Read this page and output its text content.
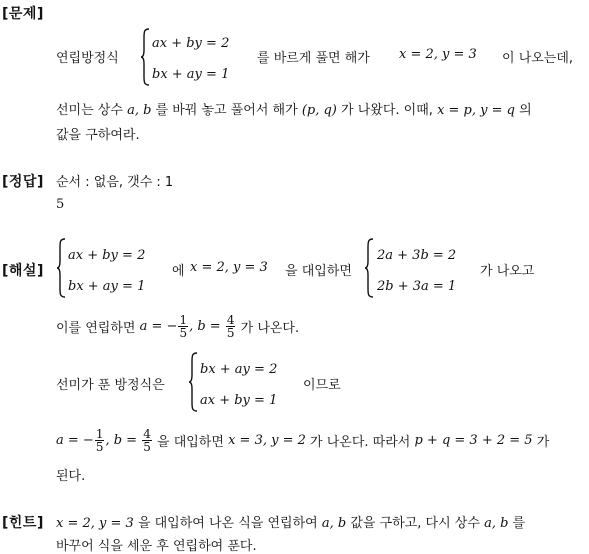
[문제]
연립방정식
ax + by = 2
bx + ay = 1
를 바르게 풀면 해가 x = 2, y = 3 이 나오는데,
선미는 상수 a, b 를 바꿔 놓고 풀어서 해가 (p, q) 가 나왔다. 이때, x = p, y = q 의
값을 구하여라.
[정답] 순서 : 없음, 갯수 : 1
5
[해설]
ax + by = 2
bx + ay = 1
에 x = 2, y = 3 을 대입하면
2a + 3b = 2
2b + 3a = 1
가 나오고
이를 연립하면 a = − $\frac{1}{5}$ , $b = \frac{4}{5}$ 가 나온다.
선미가 푼 방정식은
bx + ay = 2
ax + by = 1
이므로
a = − $\frac{1}{5}$ , $b = \frac{4}{5}$ 을 대입하면 x = 3, y = 2 가 나온다. 따라서 p + q = 3 + 2 = 5 가
된다.
[힌트] x = 2, y = 3 을 대입하여 나온 식을 연립하여 a, b 값을 구하고, 다시 상수 a, b 를
바꾸어 식을 세운 후 연립하여 푼다.
